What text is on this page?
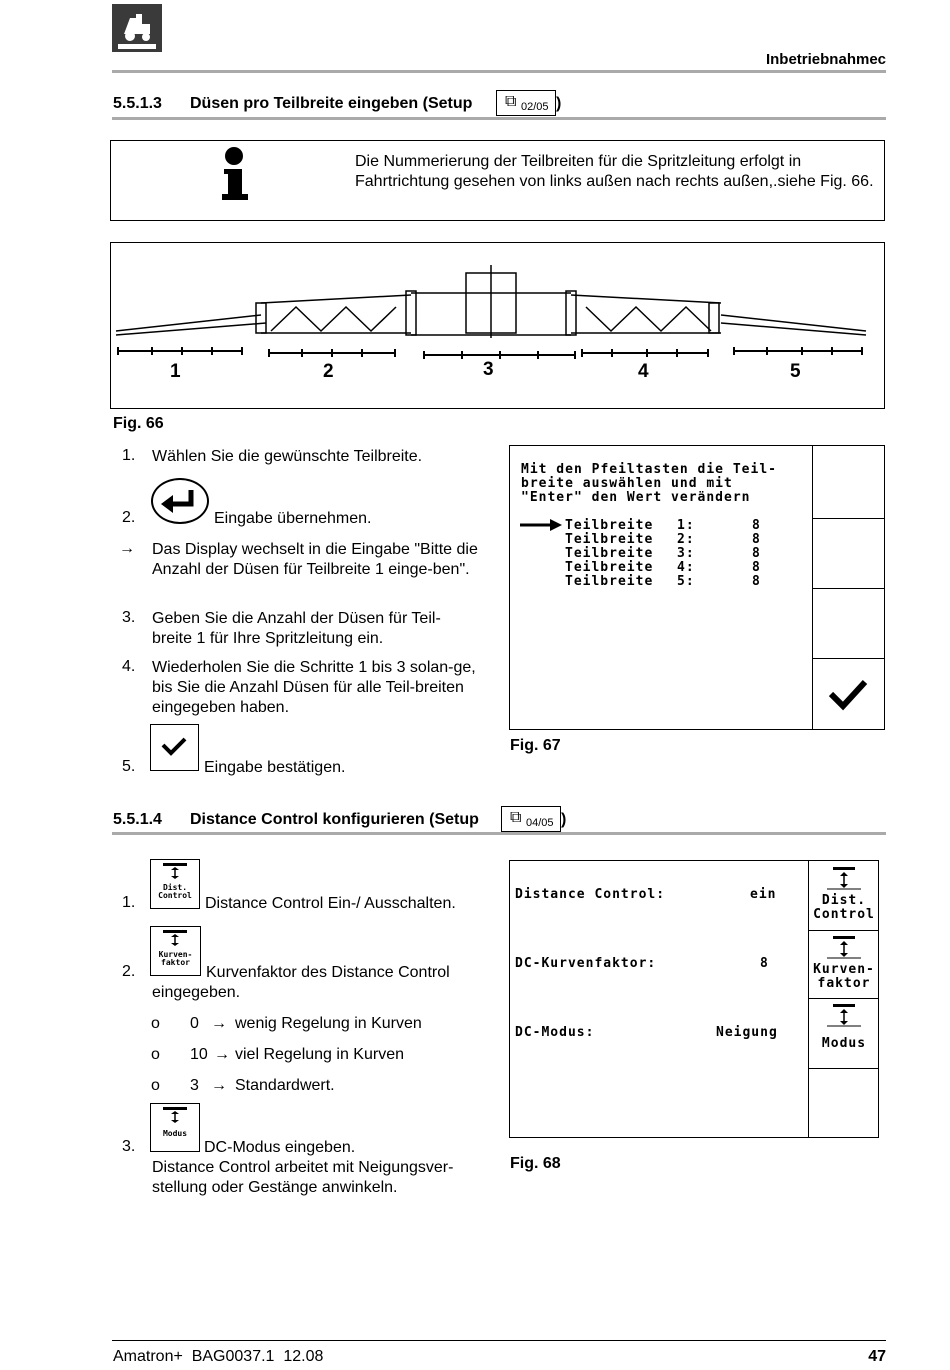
Inbetriebnahmec
5.5.1.3 Düsen pro Teilbreite eingeben (Setup ⧉ 02/05 )
Die Nummerierung der Teilbreiten für die Spritzleitung erfolgt in Fahrtrichtung gesehen von links außen nach rechts außen,.siehe Fig. 66.
1	2	3	4	5
Fig. 66
1. Wählen Sie die gewünschte Teilbreite.
2.	Eingabe übernehmen.
→ Das Display wechselt in die Eingabe "Bitte die Anzahl der Düsen für Teilbreite 1 einge-ben".
3. Geben Sie die Anzahl der Düsen für Teil-breite 1 für Ihre Spritzleitung ein.
4. Wiederholen Sie die Schritte 1 bis 3 solan-ge, bis Sie die Anzahl Düsen für alle Teil-breiten eingegeben haben.
5.	Eingabe bestätigen.
Mit den Pfeiltasten die Teil-
breite auswählen und mit
"Enter" den Wert verändern
Teilbreite 1:	8
Teilbreite 2:	8
Teilbreite 3:	8
Teilbreite 4:	8
Teilbreite 5:	8
Fig. 67
5.5.1.4 Distance Control konfigurieren (Setup ⧉ 04/05 )
1.
Dist.
Control Distance Control Ein-/ Ausschalten.
2.
Kurven-
faktor
Kurvenfaktor des Distance Control
eingegeben.
o 0 → wenig Regelung in Kurven
o 10 → viel Regelung in Kurven
o 3 → Standardwert.
3.
Modus
DC-Modus eingeben.
Distance Control arbeitet mit Neigungsver-stellung oder Gestänge anwinkeln.
Distance Control:	ein
DC-Kurvenfaktor:	8
DC-Modus:	Neigung
Dist.
Control
Kurven-
faktor
Modus
Fig. 68
Amatron+  BAG0037.1  12.08	47
